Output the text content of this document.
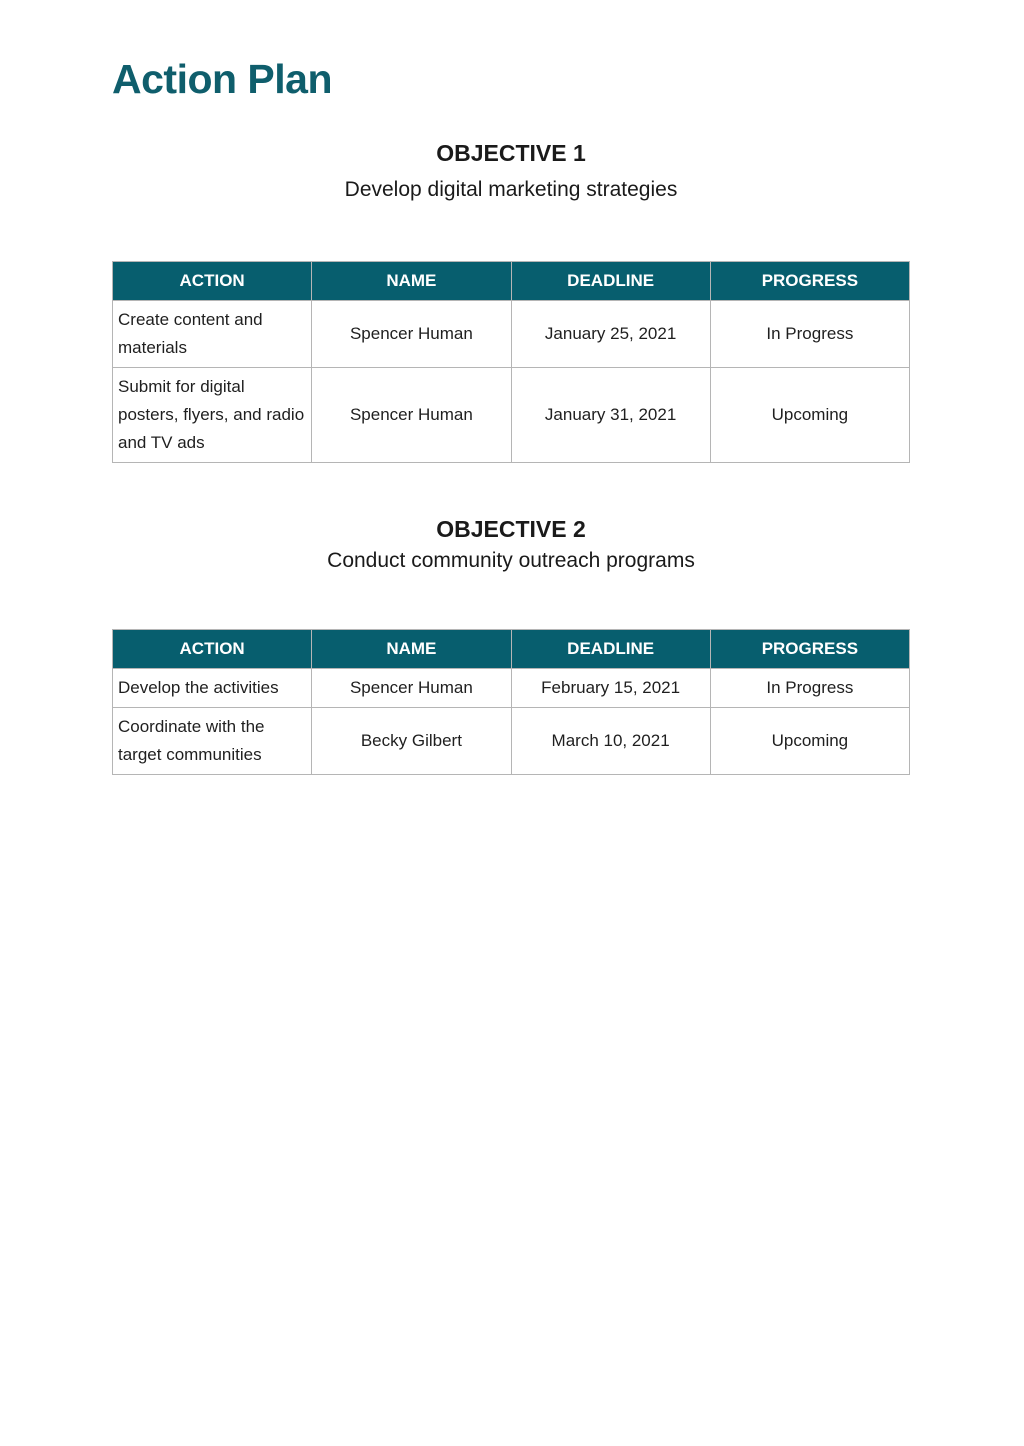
Action Plan

OBJECTIVE 1

Develop digital marketing strategies

ACTION	NAME	DEADLINE	PROGRESS
Create content and materials	Spencer Human	January 25, 2021	In Progress
Submit for digital posters, flyers, and radio and TV ads	Spencer Human	January 31, 2021	Upcoming

OBJECTIVE 2

Conduct community outreach programs

ACTION	NAME	DEADLINE	PROGRESS
Develop the activities	Spencer Human	February 15, 2021	In Progress
Coordinate with the target communities	Becky Gilbert	March 10, 2021	Upcoming
